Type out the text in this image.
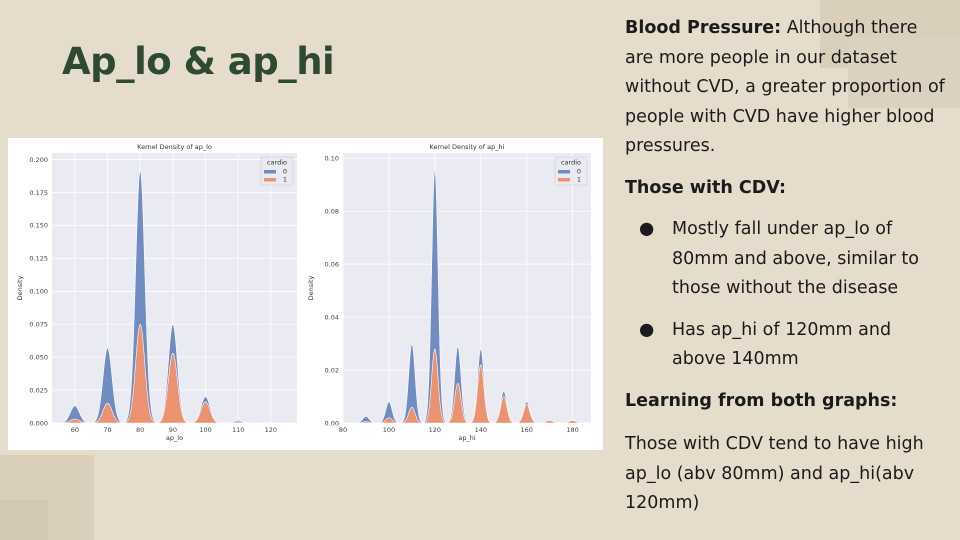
Ap_lo & ap_hi
0.000
0.025
0.050
0.075
0.100
0.125
0.150
0.175
0.200
60	70	80	90	100	110	120
Kernel Density of ap_lo
ap_lo
Density
cardio
0
1
0.00
0.02
0.04
0.06
0.08
0.10
80	100	120	140	160	180
Kernel Density of ap_hi
ap_hi
Density
cardio
0
1

Blood Pressure: Although there are more people in our dataset without CVD, a greater proportion of people with CVD have higher blood pressures.

Those with CDV:

● Mostly fall under ap_lo of 80mm and above, similar to those without the disease
● Has ap_hi of 120mm and above 140mm

Learning from both graphs:

Those with CDV tend to have high ap_lo (abv 80mm) and ap_hi(abv 120mm)
